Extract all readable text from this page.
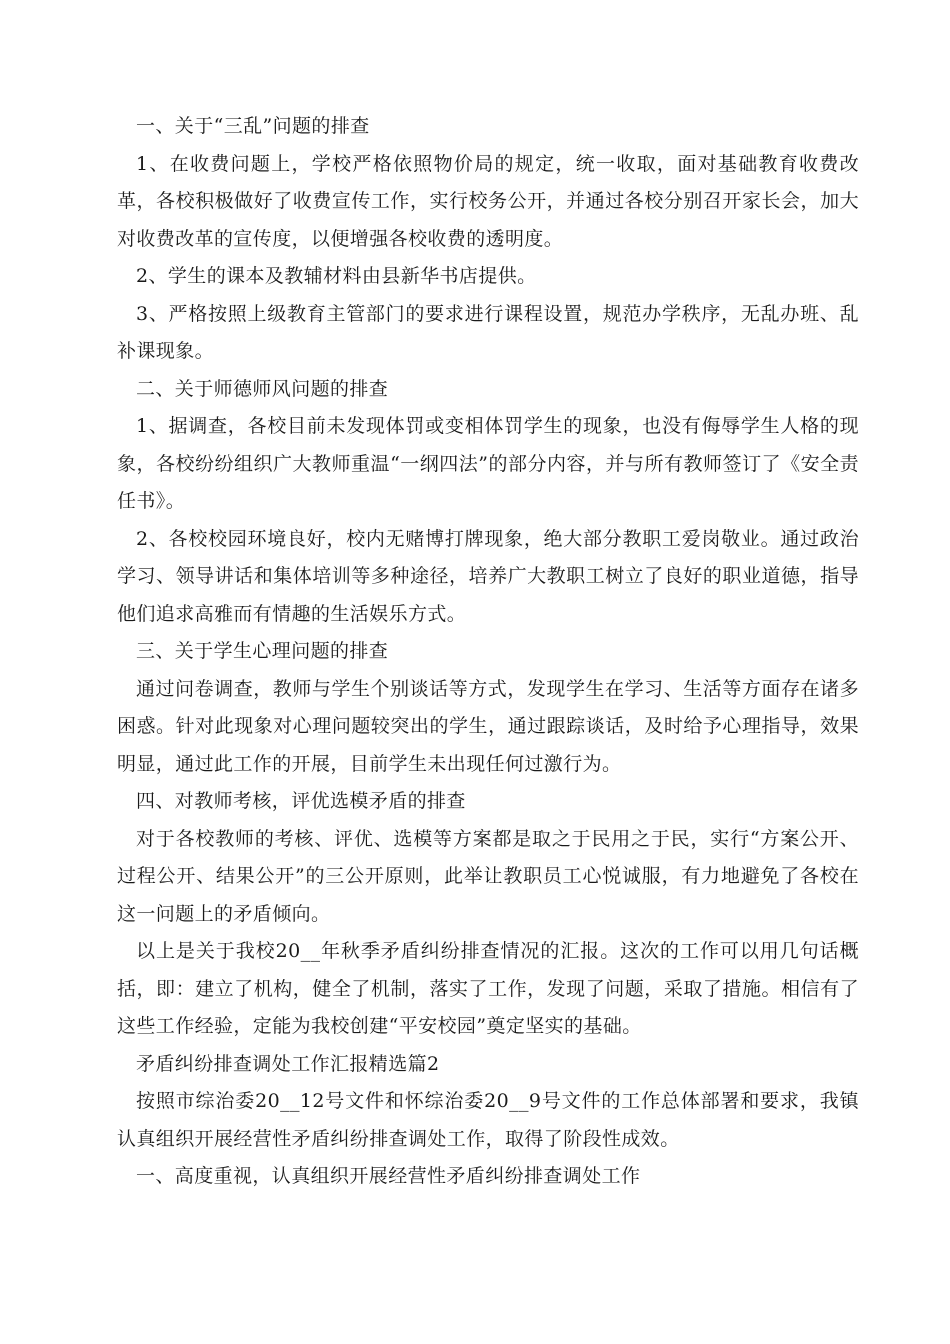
一、关于“三乱”问题的排查

1、在收费问题上，学校严格依照物价局的规定，统一收取，面对基础教育收费改革，各校积极做好了收费宣传工作，实行校务公开，并通过各校分别召开家长会，加大对收费改革的宣传度，以便增强各校收费的透明度。

2、学生的课本及教辅材料由县新华书店提供。

3、严格按照上级教育主管部门的要求进行课程设置，规范办学秩序，无乱办班、乱补课现象。

二、关于师德师风问题的排查

1、据调查，各校目前未发现体罚或变相体罚学生的现象，也没有侮辱学生人格的现象，各校纷纷组织广大教师重温“一纲四法”的部分内容，并与所有教师签订了《安全责任书》。

2、各校校园环境良好，校内无赌博打牌现象，绝大部分教职工爱岗敬业。通过政治学习、领导讲话和集体培训等多种途径，培养广大教职工树立了良好的职业道德，指导他们追求高雅而有情趣的生活娱乐方式。

三、关于学生心理问题的排查

通过问卷调查，教师与学生个别谈话等方式，发现学生在学习、生活等方面存在诸多困惑。针对此现象对心理问题较突出的学生，通过跟踪谈话，及时给予心理指导，效果明显，通过此工作的开展，目前学生未出现任何过激行为。

四、对教师考核，评优选模矛盾的排查

对于各校教师的考核、评优、选模等方案都是取之于民用之于民，实行“方案公开、过程公开、结果公开”的三公开原则，此举让教职员工心悦诚服，有力地避免了各校在这一问题上的矛盾倾向。

以上是关于我校20__年秋季矛盾纠纷排查情况的汇报。这次的工作可以用几句话概括，即：建立了机构，健全了机制，落实了工作，发现了问题，采取了措施。相信有了这些工作经验，定能为我校创建“平安校园”奠定坚实的基础。

矛盾纠纷排查调处工作汇报精选篇2

按照市综治委20__12号文件和怀综治委20__9号文件的工作总体部署和要求，我镇认真组织开展经营性矛盾纠纷排查调处工作，取得了阶段性成效。

一、高度重视，认真组织开展经营性矛盾纠纷排查调处工作
